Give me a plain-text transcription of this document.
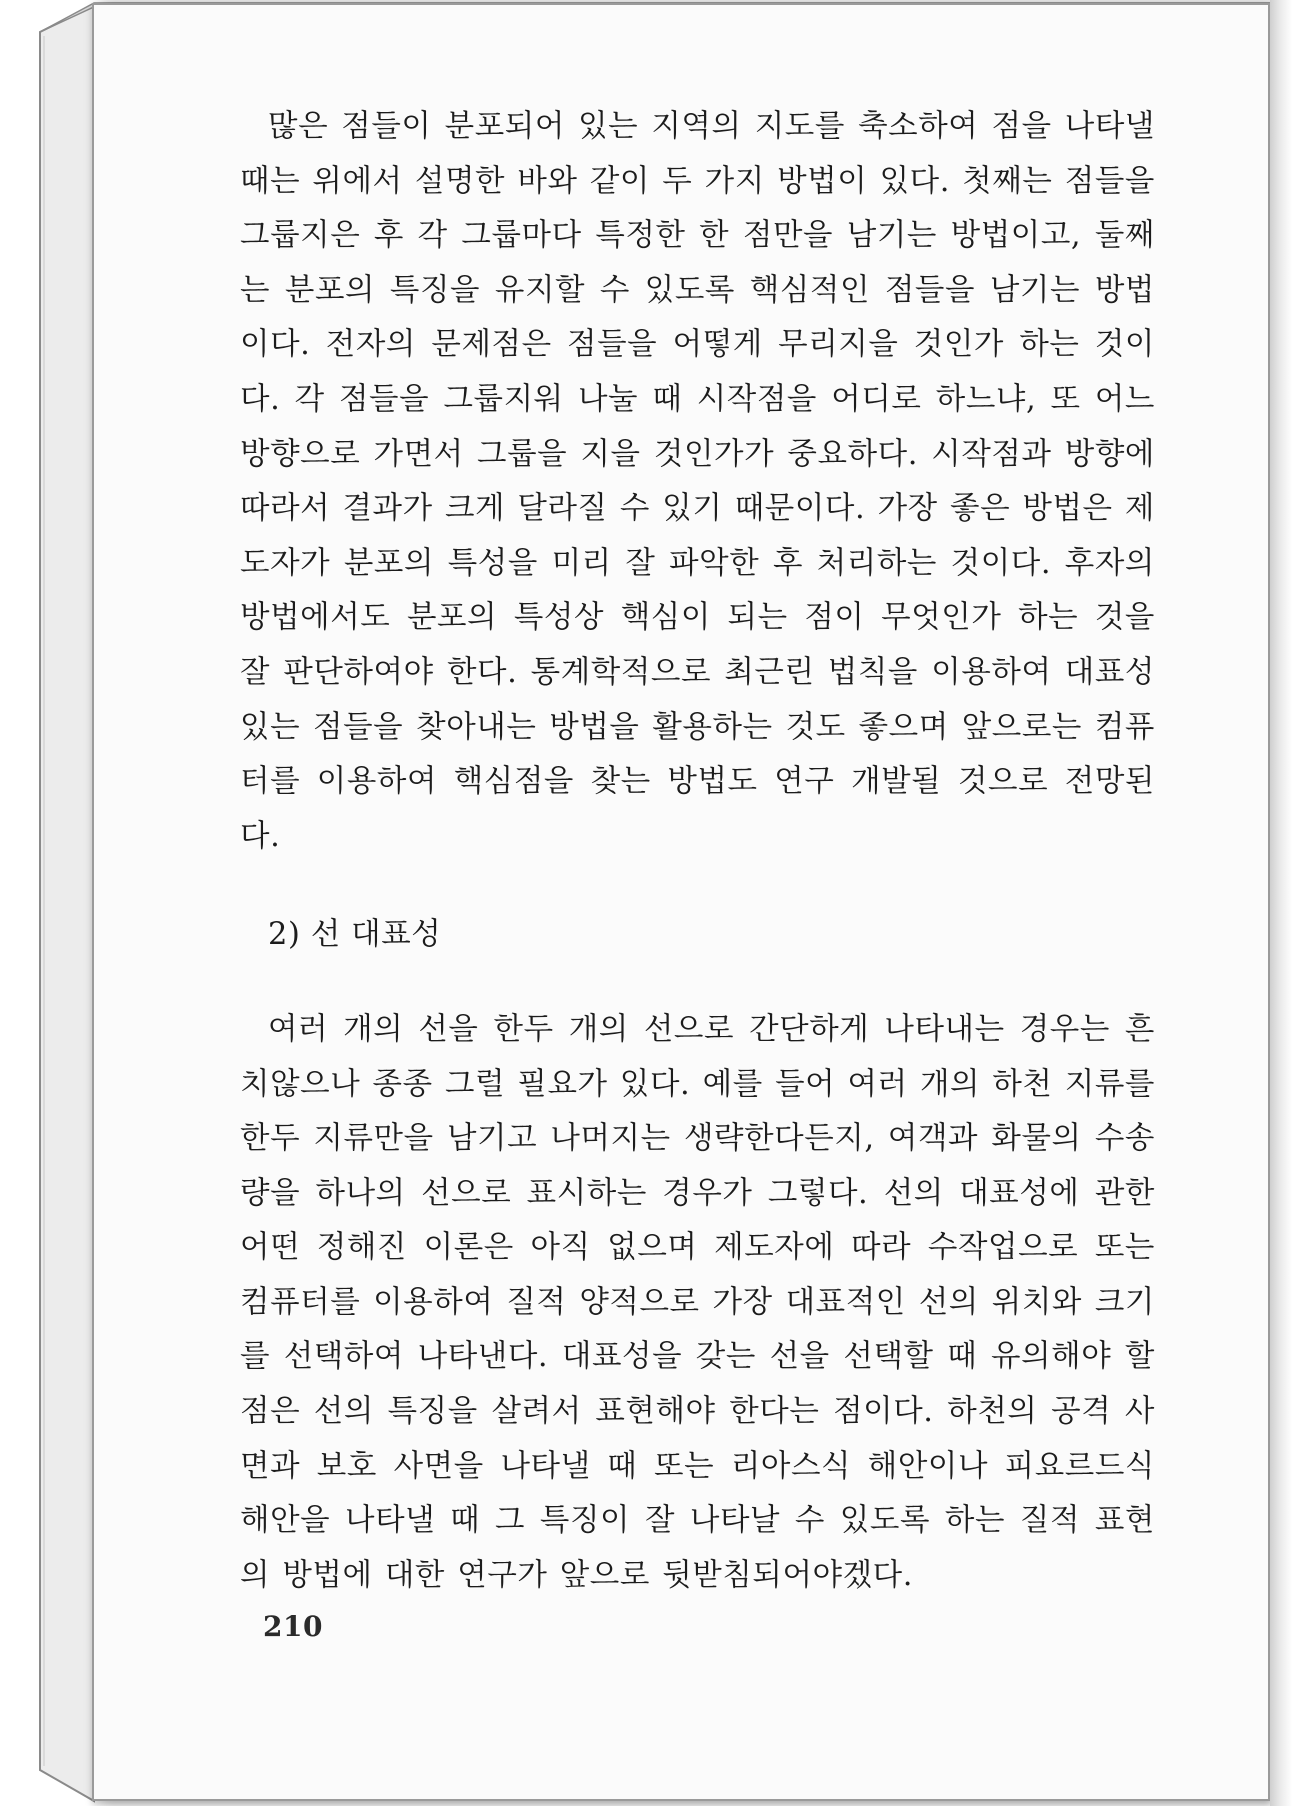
많은 점들이 분포되어 있는 지역의 지도를 축소하여 점을 나타낼 때는 위에서 설명한 바와 같이 두 가지 방법이 있다. 첫째는 점들을 그룹지은 후 각 그룹마다 특정한 한 점만을 남기는 방법이고, 둘째는 분포의 특징을 유지할 수 있도록 핵심적인 점들을 남기는 방법이다. 전자의 문제점은 점들을 어떻게 무리지을 것인가 하는 것이다. 각 점들을 그룹지워 나눌 때 시작점을 어디로 하느냐, 또 어느 방향으로 가면서 그룹을 지을 것인가가 중요하다. 시작점과 방향에 따라서 결과가 크게 달라질 수 있기 때문이다. 가장 좋은 방법은 제도자가 분포의 특성을 미리 잘 파악한 후 처리하는 것이다. 후자의 방법에서도 분포의 특성상 핵심이 되는 점이 무엇인가 하는 것을 잘 판단하여야 한다. 통계학적으로 최근린 법칙을 이용하여 대표성있는 점들을 찾아내는 방법을 활용하는 것도 좋으며 앞으로는 컴퓨터를 이용하여 핵심점을 찾는 방법도 연구 개발될 것으로 전망된다.

2) 선 대표성

여러 개의 선을 한두 개의 선으로 간단하게 나타내는 경우는 흔치않으나 종종 그럴 필요가 있다. 예를 들어 여러 개의 하천 지류를 한두 지류만을 남기고 나머지는 생략한다든지, 여객과 화물의 수송량을 하나의 선으로 표시하는 경우가 그렇다. 선의 대표성에 관한 어떤 정해진 이론은 아직 없으며 제도자에 따라 수작업으로 또는 컴퓨터를 이용하여 질적 양적으로 가장 대표적인 선의 위치와 크기를 선택하여 나타낸다. 대표성을 갖는 선을 선택할 때 유의해야 할 점은 선의 특징을 살려서 표현해야 한다는 점이다. 하천의 공격 사면과 보호 사면을 나타낼 때 또는 리아스식 해안이나 피요르드식 해안을 나타낼 때 그 특징이 잘 나타날 수 있도록 하는 질적 표현의 방법에 대한 연구가 앞으로 뒷받침되어야겠다.

210
